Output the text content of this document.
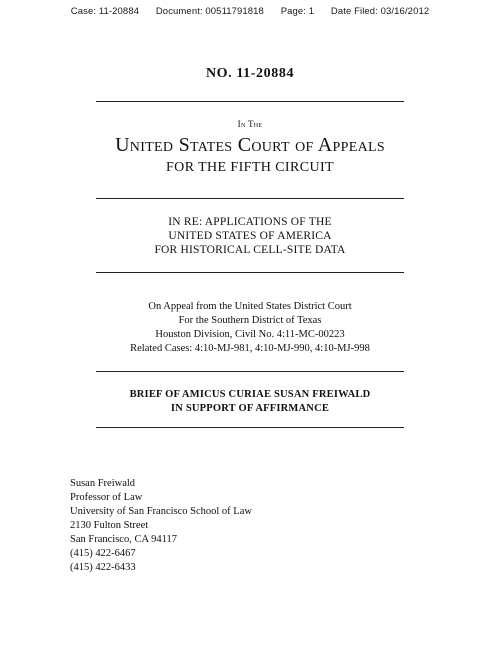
Case: 11-20884 Document: 00511791818 Page: 1 Date Filed: 03/16/2012
NO. 11-20884
In The
United States Court of Appeals
FOR THE FIFTH CIRCUIT
IN RE: APPLICATIONS OF THE
UNITED STATES OF AMERICA
FOR HISTORICAL CELL-SITE DATA
On Appeal from the United States District Court
For the Southern District of Texas
Houston Division, Civil No. 4:11-MC-00223
Related Cases: 4:10-MJ-981, 4:10-MJ-990, 4:10-MJ-998
BRIEF OF AMICUS CURIAE SUSAN FREIWALD
IN SUPPORT OF AFFIRMANCE
Susan Freiwald
Professor of Law
University of San Francisco School of Law
2130 Fulton Street
San Francisco, CA 94117
(415) 422-6467
(415) 422-6433
